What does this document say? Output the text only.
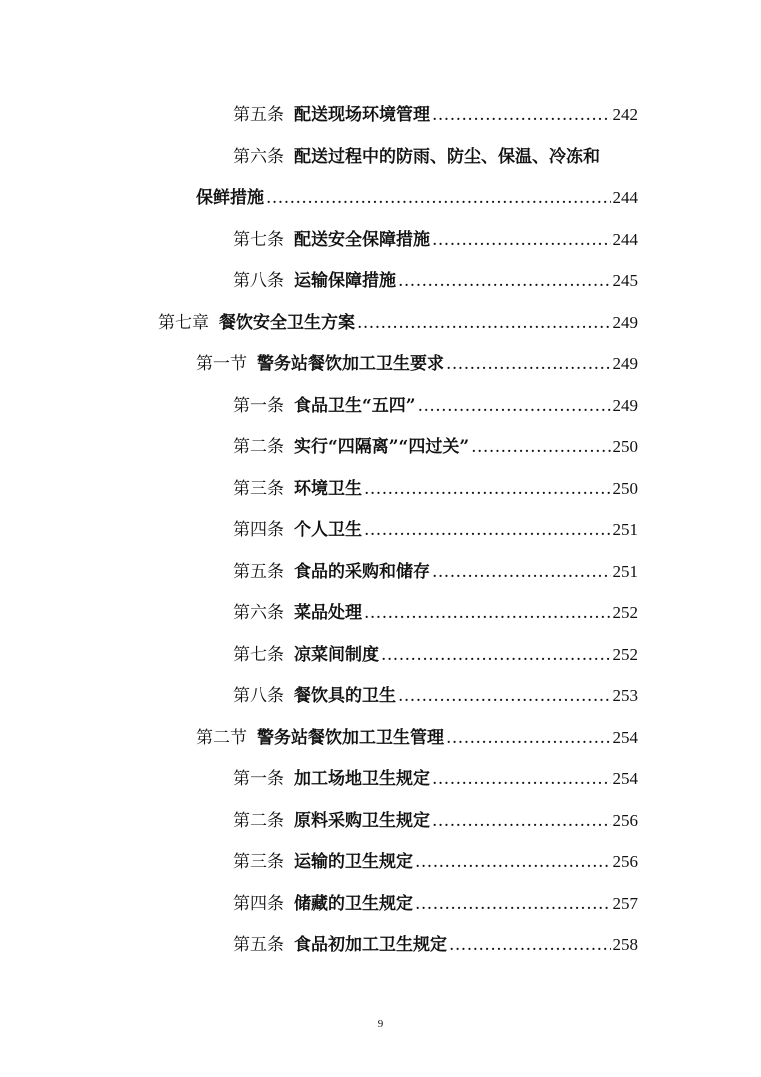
第五条 配送现场环境管理 .....	242
第六条 配送过程中的防雨、防尘、保温、冷冻和
保鲜措施 .....	244
第七条 配送安全保障措施 .....	244
第八条 运输保障措施 .....	245
第七章 餐饮安全卫生方案 .....	249
第一节 警务站餐饮加工卫生要求 .....	249
第一条 食品卫生“五四” .....	249
第二条 实行“四隔离”“四过关” .....	250
第三条 环境卫生 .....	250
第四条 个人卫生 .....	251
第五条 食品的采购和储存 .....	251
第六条 菜品处理 .....	252
第七条 凉菜间制度 .....	252
第八条 餐饮具的卫生 .....	253
第二节 警务站餐饮加工卫生管理 .....	254
第一条 加工场地卫生规定 .....	254
第二条 原料采购卫生规定 .....	256
第三条 运输的卫生规定 .....	256
第四条 储藏的卫生规定 .....	257
第五条 食品初加工卫生规定 .....	258
9
